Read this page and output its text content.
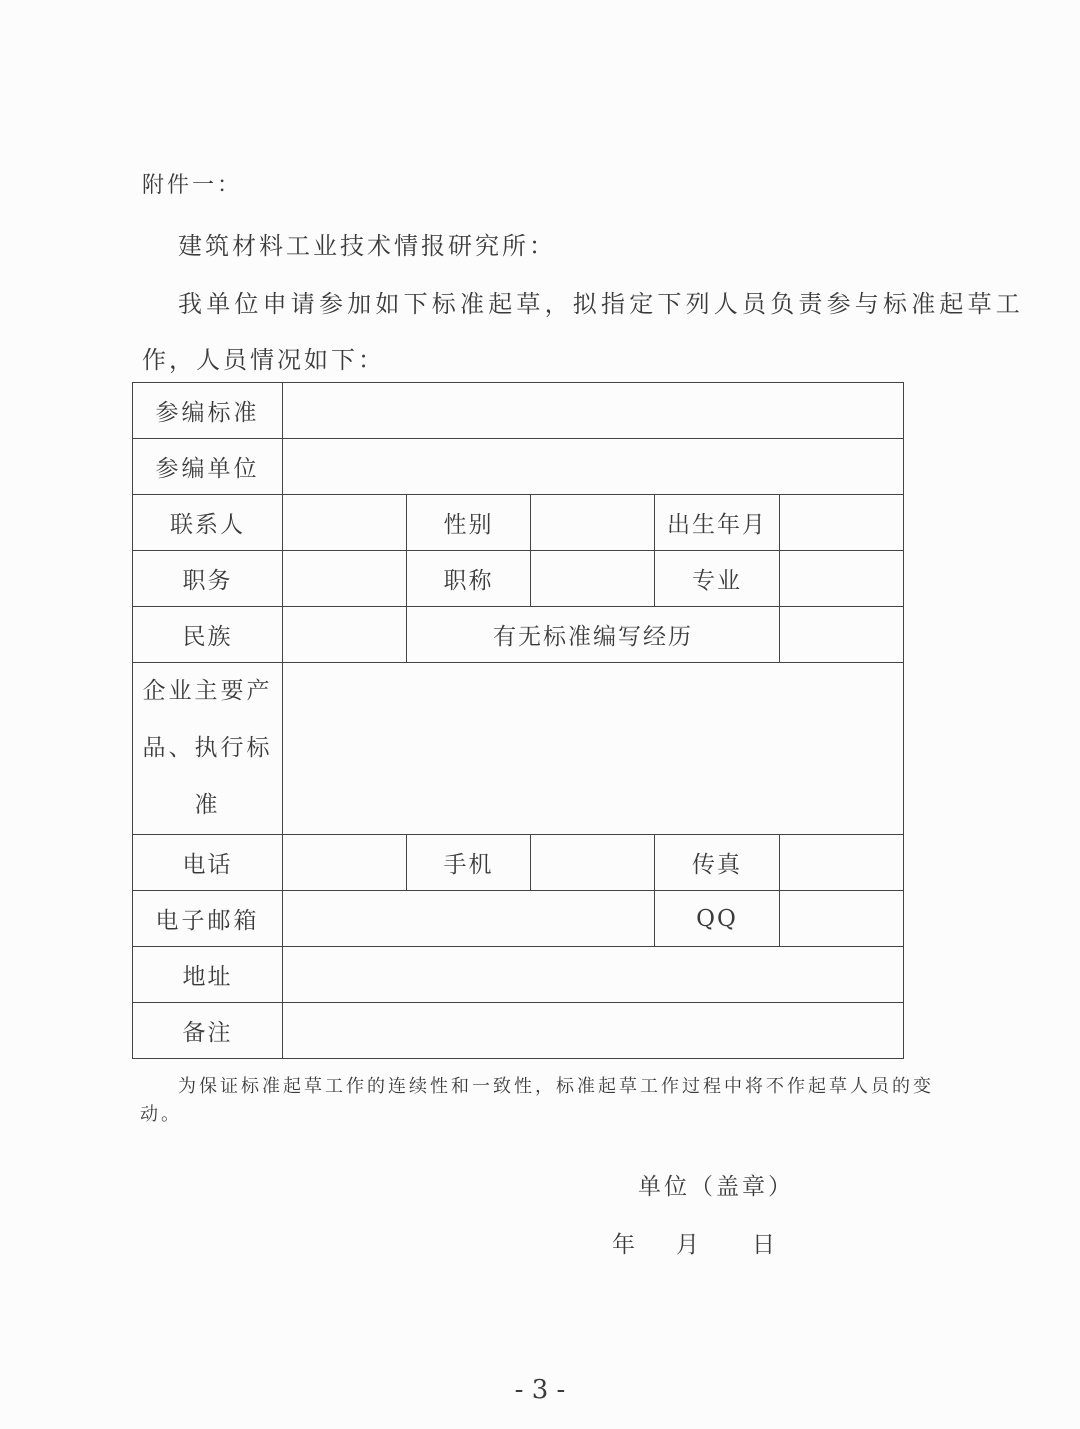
附件一：
建筑材料工业技术情报研究所：
我单位申请参加如下标准起草，拟指定下列人员负责参与标准起草工
作，人员情况如下：
参编标准					
参编单位					
联系人		性别		出生年月	
职务		职称		专业	
民族		有无标准编写经历			
企业主要产
品、执行标
准					
电话		手机		传真	
电子邮箱				QQ	
地址					
备注					
为保证标准起草工作的连续性和一致性，标准起草工作过程中将不作起草人员的变动。
单位（盖章）
年 月 日
- 3 -
